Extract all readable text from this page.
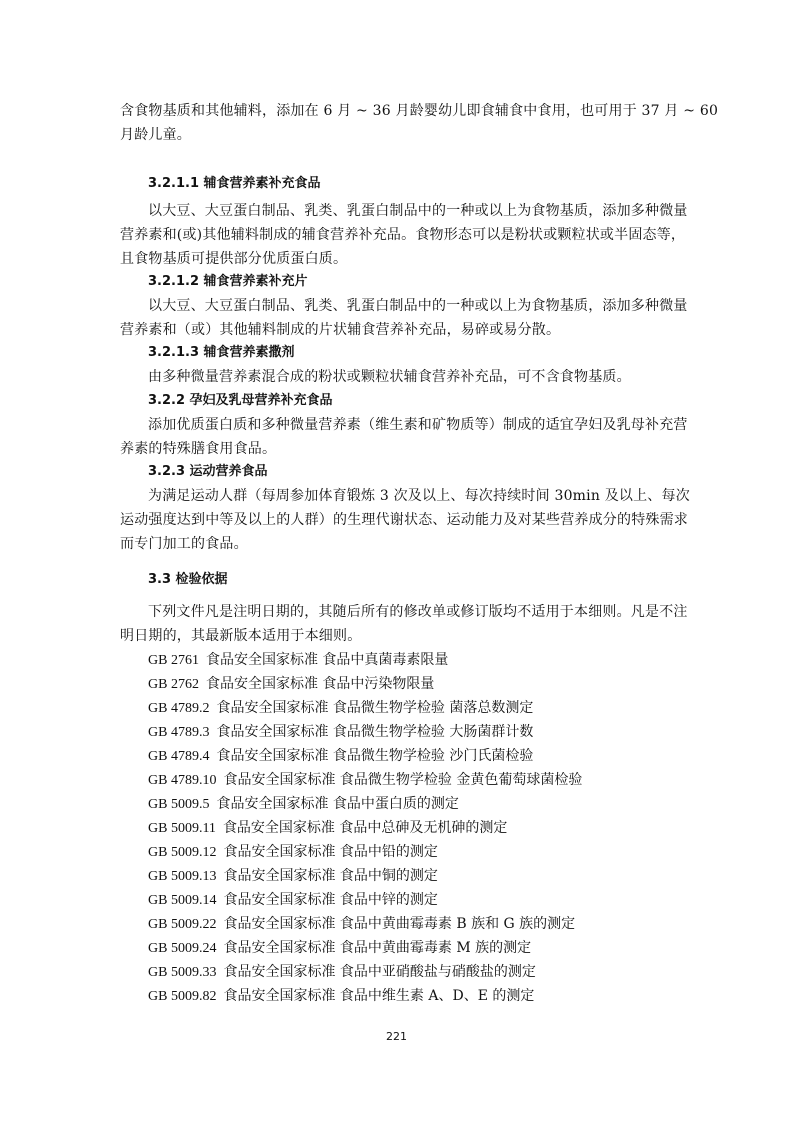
含食物基质和其他辅料，添加在 6 月 ~ 36 月龄婴幼儿即食辅食中食用，也可用于 37 月 ~ 60
月龄儿童。
3.2.1.1 辅食营养素补充食品
以大豆、大豆蛋白制品、乳类、乳蛋白制品中的一种或以上为食物基质，添加多种微量
营养素和(或)其他辅料制成的辅食营养补充品。食物形态可以是粉状或颗粒状或半固态等，
且食物基质可提供部分优质蛋白质。
3.2.1.2 辅食营养素补充片
以大豆、大豆蛋白制品、乳类、乳蛋白制品中的一种或以上为食物基质，添加多种微量
营养素和（或）其他辅料制成的片状辅食营养补充品，易碎或易分散。
3.2.1.3 辅食营养素撒剂
由多种微量营养素混合成的粉状或颗粒状辅食营养补充品，可不含食物基质。
3.2.2 孕妇及乳母营养补充食品
添加优质蛋白质和多种微量营养素（维生素和矿物质等）制成的适宜孕妇及乳母补充营
养素的特殊膳食用食品。
3.2.3 运动营养食品
为满足运动人群（每周参加体育锻炼 3 次及以上、每次持续时间 30min 及以上、每次
运动强度达到中等及以上的人群）的生理代谢状态、运动能力及对某些营养成分的特殊需求
而专门加工的食品。
3.3 检验依据
下列文件凡是注明日期的，其随后所有的修改单或修订版均不适用于本细则。凡是不注
明日期的，其最新版本适用于本细则。
GB 2761 食品安全国家标准 食品中真菌毒素限量
GB 2762 食品安全国家标准 食品中污染物限量
GB 4789.2 食品安全国家标准 食品微生物学检验 菌落总数测定
GB 4789.3 食品安全国家标准 食品微生物学检验 大肠菌群计数
GB 4789.4 食品安全国家标准 食品微生物学检验 沙门氏菌检验
GB 4789.10 食品安全国家标准 食品微生物学检验 金黄色葡萄球菌检验
GB 5009.5 食品安全国家标准 食品中蛋白质的测定
GB 5009.11 食品安全国家标准 食品中总砷及无机砷的测定
GB 5009.12 食品安全国家标准 食品中铅的测定
GB 5009.13 食品安全国家标准 食品中铜的测定
GB 5009.14 食品安全国家标准 食品中锌的测定
GB 5009.22 食品安全国家标准 食品中黄曲霉毒素 B 族和 G 族的测定
GB 5009.24 食品安全国家标准 食品中黄曲霉毒素 M 族的测定
GB 5009.33 食品安全国家标准 食品中亚硝酸盐与硝酸盐的测定
GB 5009.82 食品安全国家标准 食品中维生素 A、D、E 的测定
221
